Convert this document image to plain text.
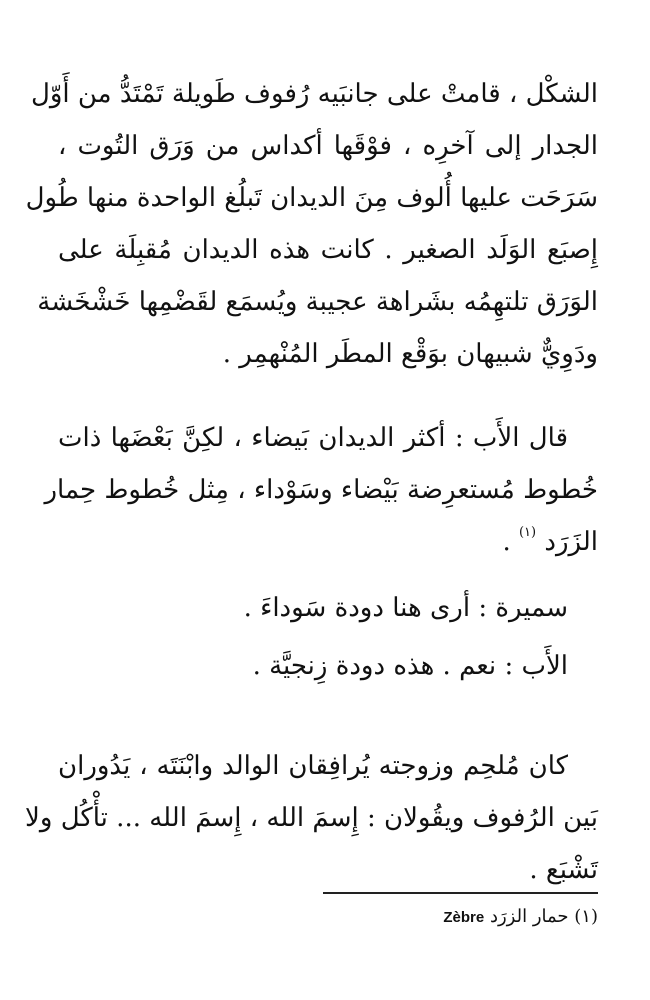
الشكْل ، قامتْ على جانبَيه رُفوف طَويلة تَمْتَدُّ من أَوّل
الجدار إلى آخرِه ، فوْقَها أكداس من وَرَق التُوت ،
سَرَحَت عليها أُلوف مِنَ الديدان تَبلُغ الواحدة منها طُول
إِصبَع الوَلَد الصغير . كانت هذه الديدان مُقبِلَة على
الوَرَق تلتهِمُه بشَراهة عجيبة ويُسمَع لقَضْمِها خَشْخَشة
ودَوِيٌّ شبيهان بوَقْع المطَر المُنْهمِر .
قال الأَب : أكثر الديدان بَيضاء ، لكِنَّ بَعْضَها ذات
خُطوط مُستعرِضة بَيْضاء وسَوْداء ، مِثل خُطوط حِمار
الزَرَد $^{(١)}$ .
سميرة : أرى هنا دودة سَوداءَ .
الأَب : نعم . هذه دودة زِنجيَّة .
كان مُلحِم وزوجته يُرافِقان الوالد وابْنَتَه ، يَدُوران
بَين الرُفوف ويقُولان : إِسمَ الله ، إِسمَ الله ... تأْكُل ولا
تَشْبَع .
(١) حمار الزرَد Zèbre
